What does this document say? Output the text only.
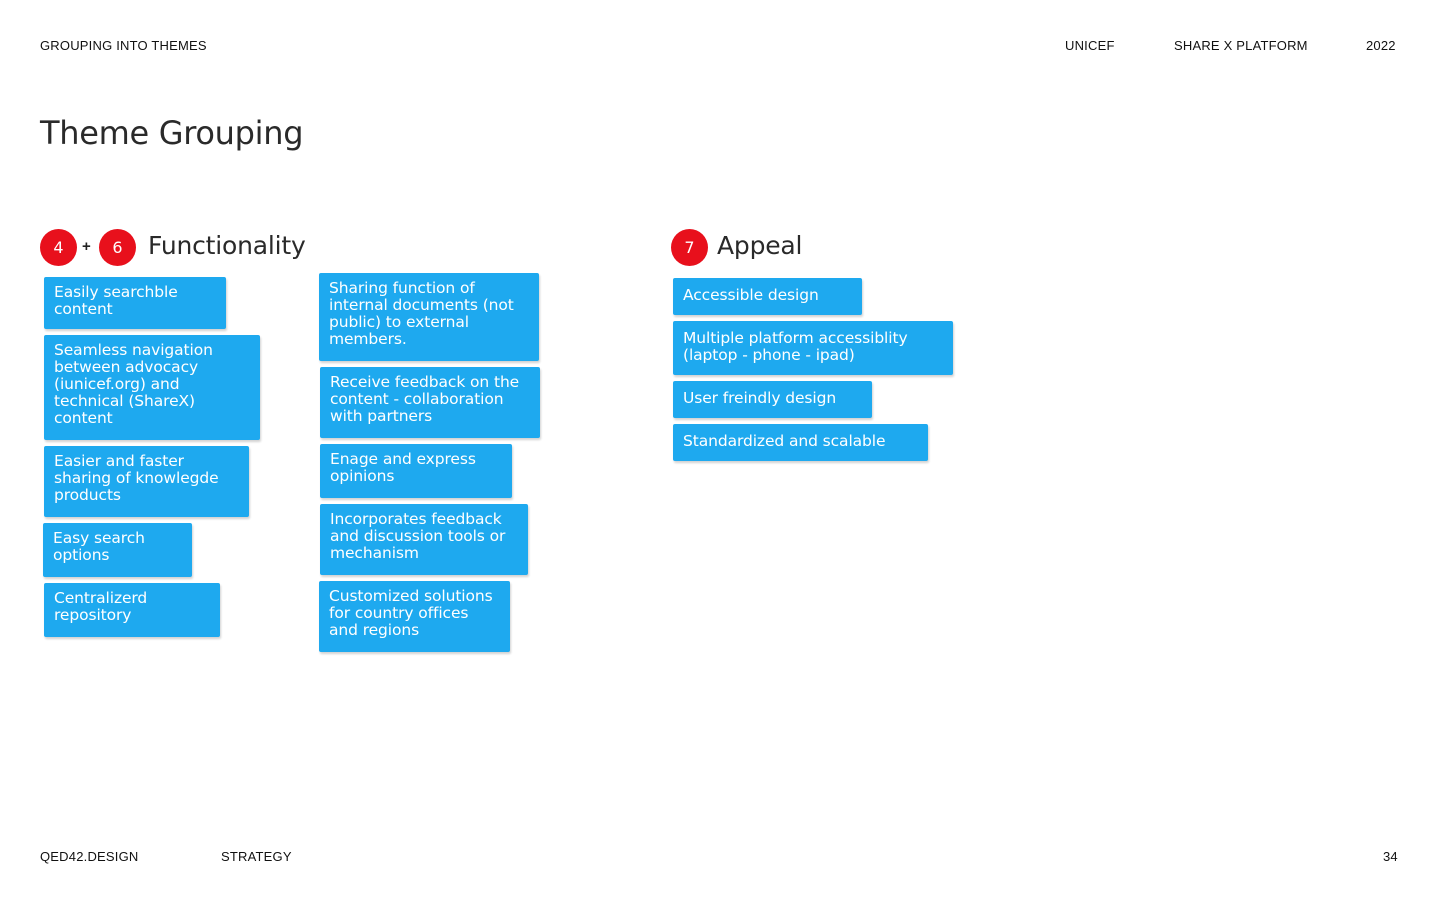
GROUPING INTO THEMES	UNICEF	SHARE X PLATFORM	2022
Theme Grouping
4	+	6	Functionality
Easily searchble content
Seamless navigation between advocacy (iunicef.org) and technical (ShareX) content
Easier and faster sharing of knowlegde products
Easy search options
Centralizerd repository
Sharing function of internal documents (not public) to external members.
Receive feedback on the content - collaboration with partners
Enage and express opinions
Incorporates feedback and discussion tools or mechanism
Customized solutions for country offices and regions
7 Appeal
Accessible design
Multiple platform accessiblity (laptop - phone - ipad)
User freindly design
Standardized and scalable
QED42.DESIGN	STRATEGY	34
